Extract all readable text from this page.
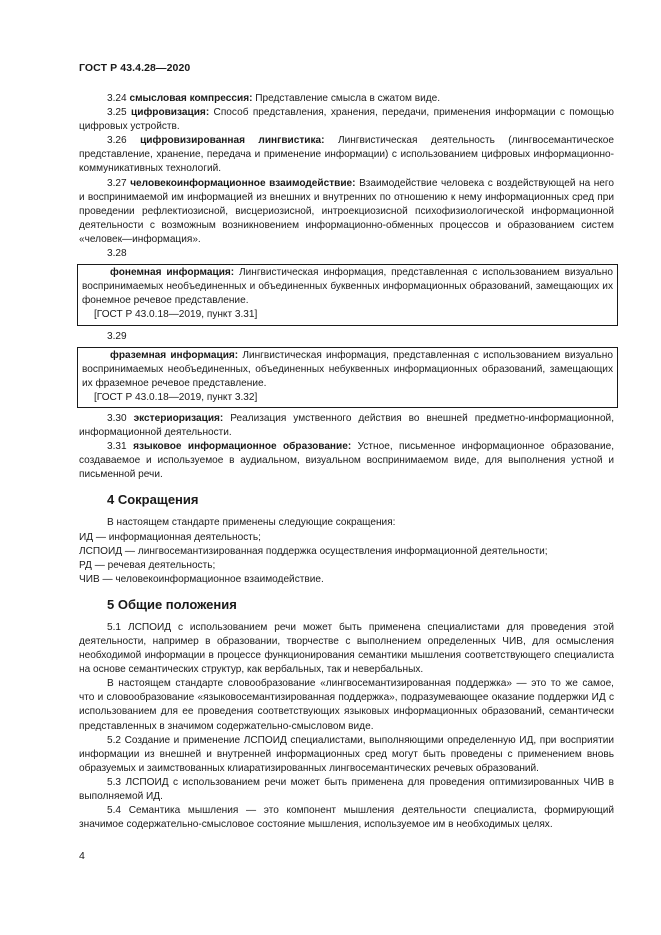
ГОСТ Р 43.4.28—2020

3.24 смысловая компрессия: Представление смысла в сжатом виде.

3.25 цифровизация: Способ представления, хранения, передачи, применения информации с помощью цифровых устройств.

3.26 цифровизированная лингвистика: Лингвистическая деятельность (лингвосемантическое представление, хранение, передача и применение информации) с использованием цифровых информационно-коммуникативных технологий.

3.27 человекоинформационное взаимодействие: Взаимодействие человека с воздействующей на него и воспринимаемой им информацией из внешних и внутренних по отношению к нему информационных сред при проведении рефлектиозисной, висцериозисной, интроекциозисной психофизиологической информационной деятельности с возможным возникновением информационно-обменных процессов и образованием систем «человек—информация».

3.28

фонемная информация: Лингвистическая информация, представленная с использованием визуально воспринимаемых необъединенных и объединенных буквенных информационных образований, замещающих их фонемное речевое представление.

[ГОСТ Р 43.0.18—2019, пункт 3.31]

3.29

фраземная информация: Лингвистическая информация, представленная с использованием визуально воспринимаемых необъединенных, объединенных небуквенных информационных образований, замещающих их фраземное речевое представление.

[ГОСТ Р 43.0.18—2019, пункт 3.32]

3.30 экстериоризация: Реализация умственного действия во внешней предметно-информационной, информационной деятельности.

3.31 языковое информационное образование: Устное, письменное информационное образование, создаваемое и используемое в аудиальном, визуальном воспринимаемом виде, для выполнения устной и письменной речи.

4 Сокращения

В настоящем стандарте применены следующие сокращения:

ИД — информационная деятельность;

ЛСПОИД — лингвосемантизированная поддержка осуществления информационной деятельности;

РД — речевая деятельность;

ЧИВ — человекоинформационное взаимодействие.

5 Общие положения

5.1 ЛСПОИД с использованием речи может быть применена специалистами для проведения этой деятельности, например в образовании, творчестве с выполнением определенных ЧИВ, для осмысления необходимой информации в процессе функционирования семантики мышления соответствующего специалиста на основе семантических структур, как вербальных, так и невербальных.

В настоящем стандарте словообразование «лингвосемантизированная поддержка» — это то же самое, что и словообразование «языковосемантизированная поддержка», подразумевающее оказание поддержки ИД с использованием для ее проведения соответствующих языковых информационных образований, семантически представленных в значимом содержательно-смысловом виде.

5.2 Создание и применение ЛСПОИД специалистами, выполняющими определенную ИД, при восприятии информации из внешней и внутренней информационных сред могут быть проведены с применением вновь образуемых и заимствованных клиаратизированных лингвосемантических речевых образований.

5.3 ЛСПОИД с использованием речи может быть применена для проведения оптимизированных ЧИВ в выполняемой ИД.

5.4 Семантика мышления — это компонент мышления деятельности специалиста, формирующий значимое содержательно-смысловое состояние мышления, используемое им в необходимых целях.

4
